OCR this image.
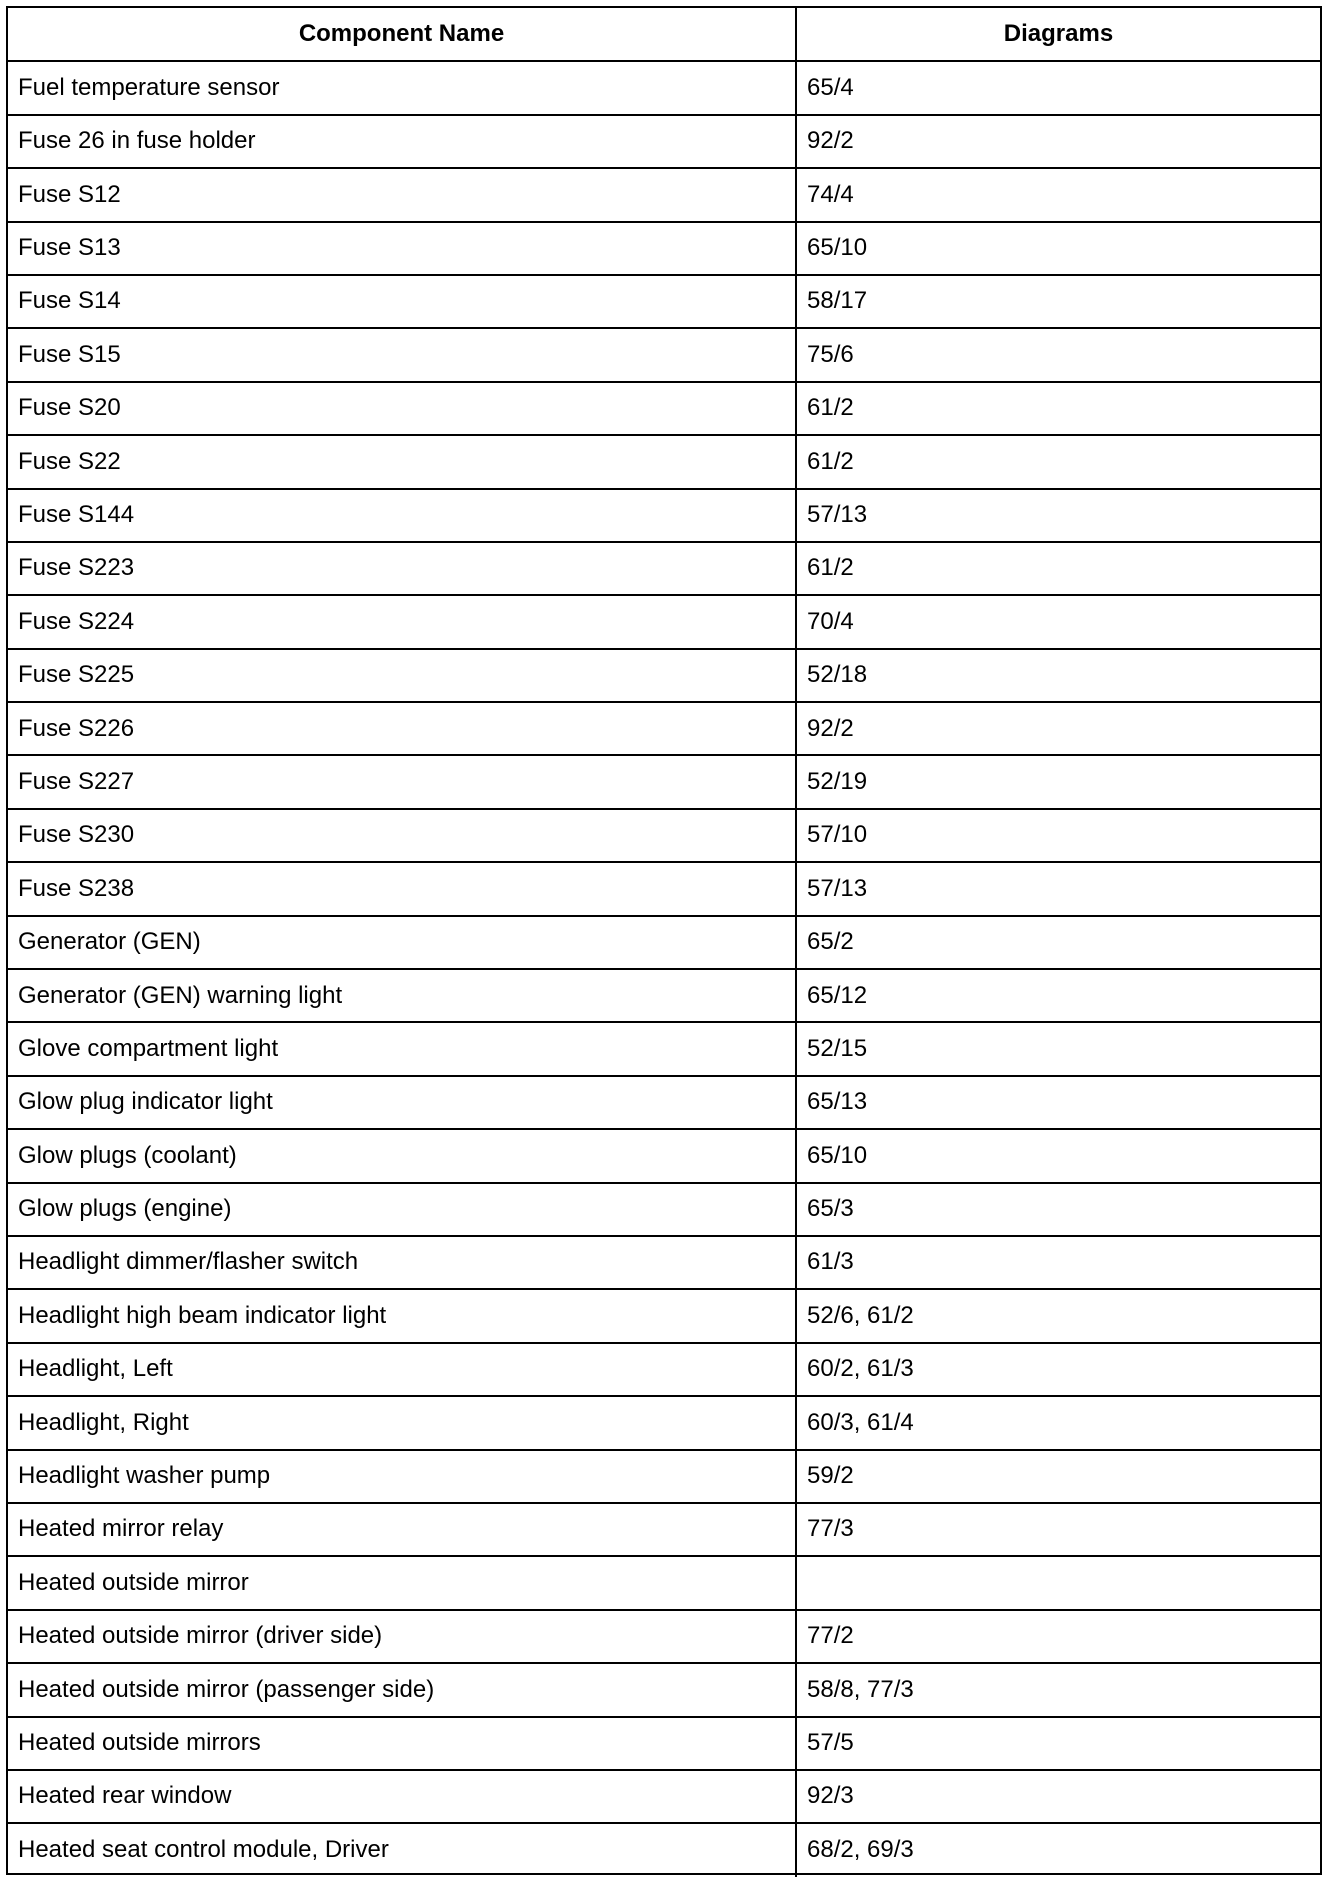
Component Name	Diagrams
Fuel temperature sensor	65/4
Fuse 26 in fuse holder	92/2
Fuse S12	74/4
Fuse S13	65/10
Fuse S14	58/17
Fuse S15	75/6
Fuse S20	61/2
Fuse S22	61/2
Fuse S144	57/13
Fuse S223	61/2
Fuse S224	70/4
Fuse S225	52/18
Fuse S226	92/2
Fuse S227	52/19
Fuse S230	57/10
Fuse S238	57/13
Generator (GEN)	65/2
Generator (GEN) warning light	65/12
Glove compartment light	52/15
Glow plug indicator light	65/13
Glow plugs (coolant)	65/10
Glow plugs (engine)	65/3
Headlight dimmer/flasher switch	61/3
Headlight high beam indicator light	52/6, 61/2
Headlight, Left	60/2, 61/3
Headlight, Right	60/3, 61/4
Headlight washer pump	59/2
Heated mirror relay	77/3
Heated outside mirror	
Heated outside mirror (driver side)	77/2
Heated outside mirror (passenger side)	58/8, 77/3
Heated outside mirrors	57/5
Heated rear window	92/3
Heated seat control module, Driver	68/2, 69/3
